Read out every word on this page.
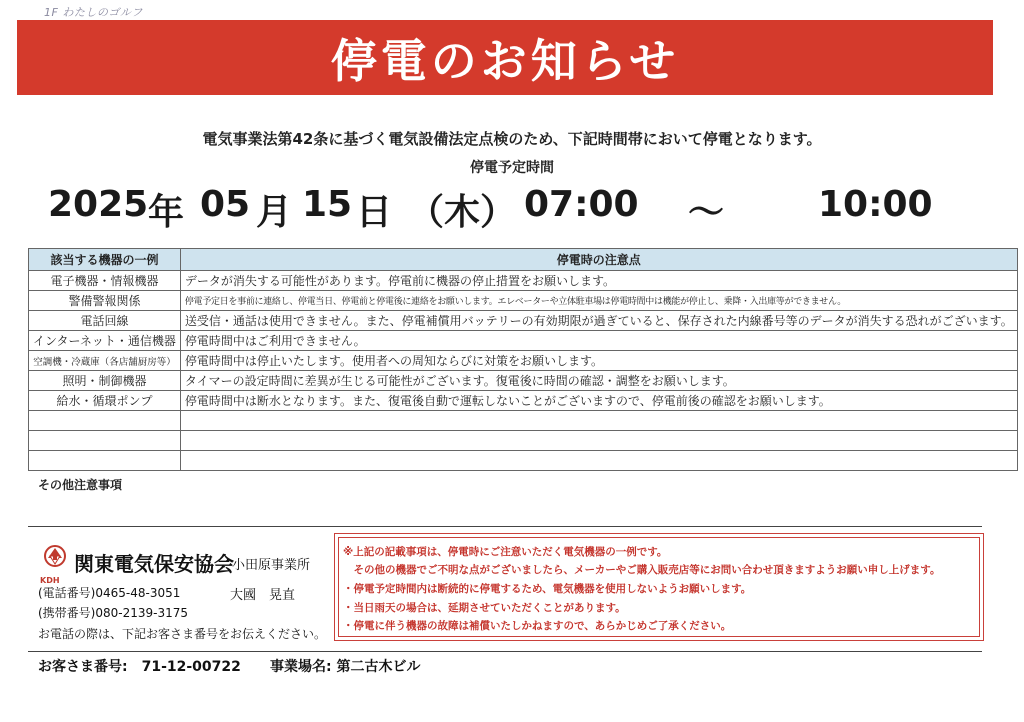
1F わたしのゴルフ
停電のお知らせ
電気事業法第42条に基づく電気設備法定点検のため、下記時間帯において停電となります。
停電予定時間
2025 年 05 月 15 日 （木） 07:00 ～	10:00
該当する機器の一例	停電時の注意点
電子機器・情報機器	データが消失する可能性があります。停電前に機器の停止措置をお願いします。
警備警報関係	停電予定日を事前に連絡し、停電当日、停電前と停電後に連絡をお願いします。エレベーターや立体駐車場は停電時間中は機能が停止し、乗降・入出庫等ができません。
電話回線	送受信・通話は使用できません。また、停電補償用バッテリーの有効期限が過ぎていると、保存された内線番号等のデータが消失する恐れがございます。
インターネット・通信機器	停電時間中はご利用できません。
空調機・冷蔵庫（各店舗厨房等）	停電時間中は停止いたします。使用者への周知ならびに対策をお願いします。
照明・制御機器	タイマーの設定時間に差異が生じる可能性がございます。復電後に時間の確認・調整をお願いします。
給水・循環ポンプ	停電時間中は断水となります。また、復電後自動で運転しないことがございますので、停電前後の確認をお願いします。

その他注意事項
関東電気保安協会
KDH
小田原事業所
(電話番号)0465-48-3051
(携帯番号)080-2139-3175
お電話の際は、下記お客さま番号をお伝えください。
大國　晃直
※上記の記載事項は、停電時にご注意いただく電気機器の一例です。
　その他の機器でご不明な点がございましたら、メーカーやご購入販売店等にお問い合わせ頂きますようお願い申し上げます。
・停電予定時間内は断続的に停電するため、電気機器を使用しないようお願いします。
・当日雨天の場合は、延期させていただくことがあります。
・停電に伴う機器の故障は補償いたしかねますので、あらかじめご了承ください。
お客さま番号:　71-12-00722 事業場名: 第二古木ビル
